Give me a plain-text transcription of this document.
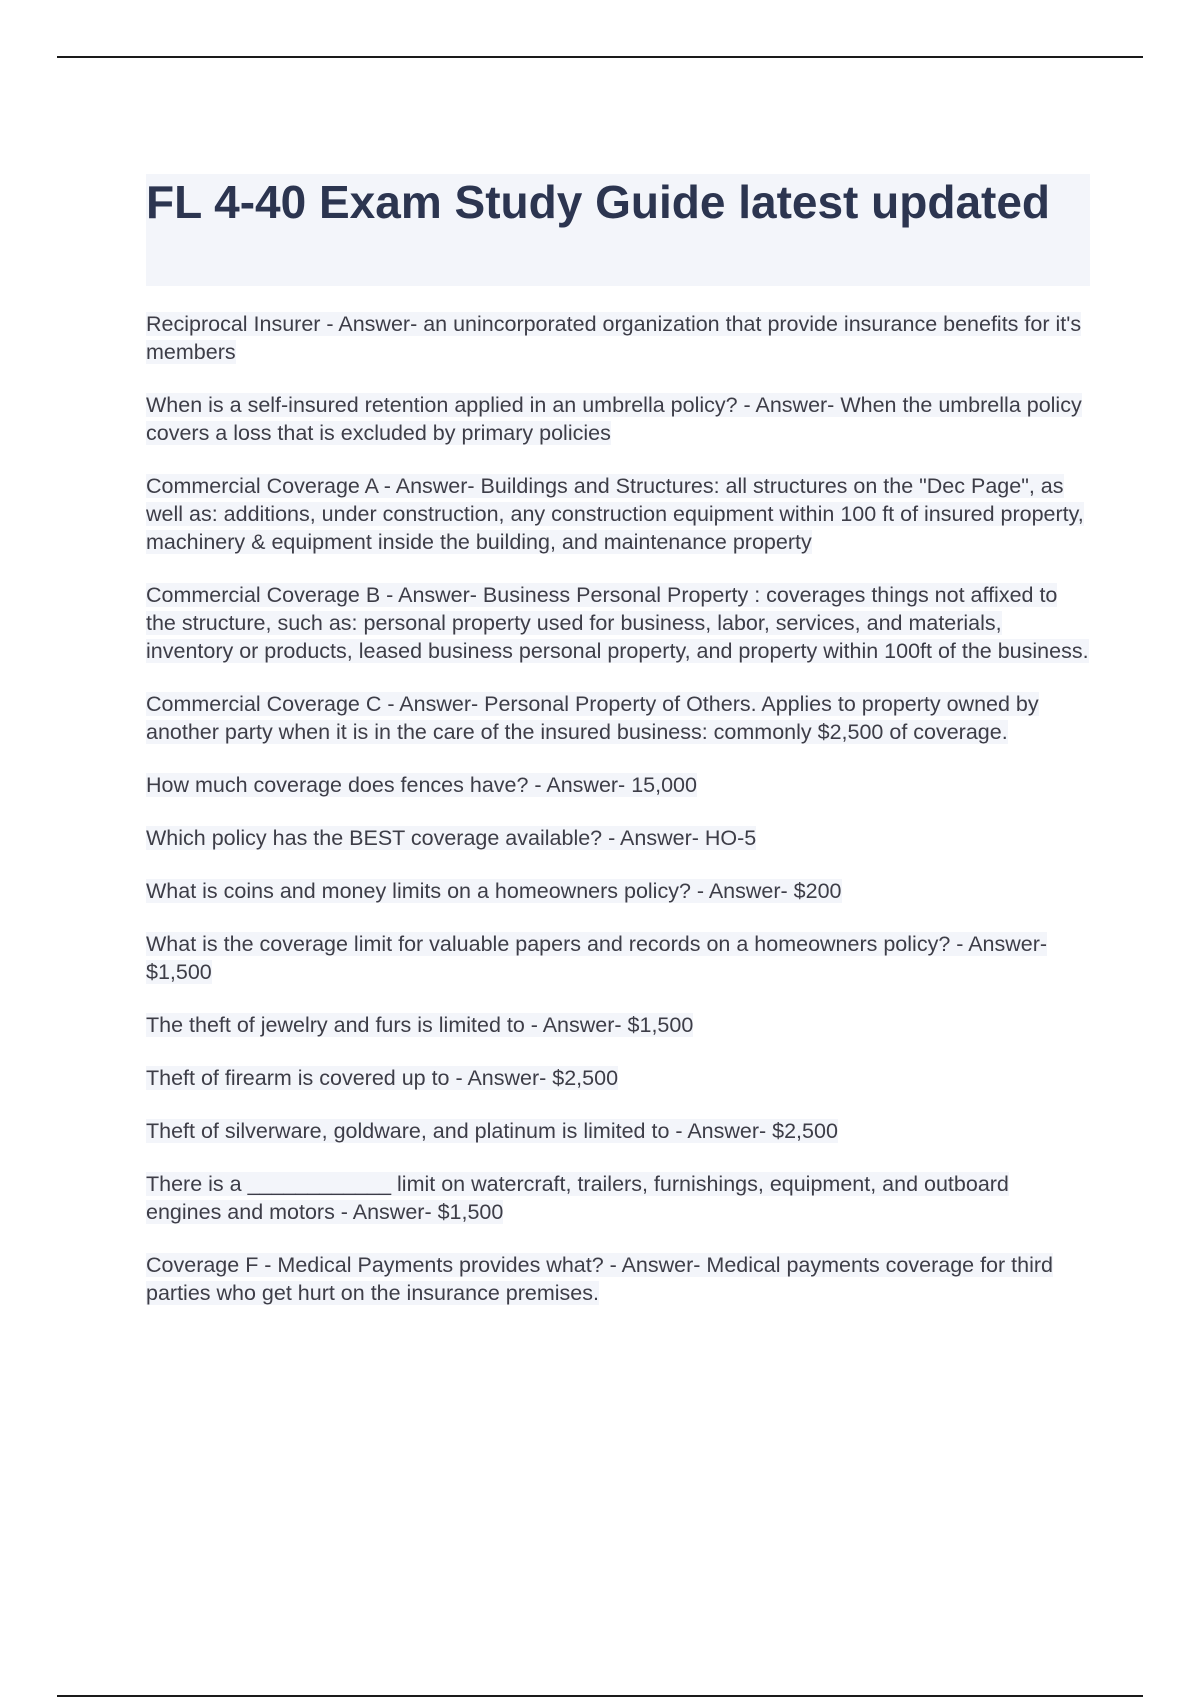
FL 4-40 Exam Study Guide latest updated
Reciprocal Insurer - Answer- an unincorporated organization that provide insurance benefits for it's members
When is a self-insured retention applied in an umbrella policy? - Answer- When the umbrella policy covers a loss that is excluded by primary policies
Commercial Coverage A - Answer- Buildings and Structures: all structures on the "Dec Page", as well as: additions, under construction, any construction equipment within 100 ft of insured property, machinery & equipment inside the building, and maintenance property
Commercial Coverage B - Answer- Business Personal Property : coverages things not affixed to the structure, such as: personal property used for business, labor, services, and materials, inventory or products, leased business personal property, and property within 100ft of the business.
Commercial Coverage C - Answer- Personal Property of Others. Applies to property owned by another party when it is in the care of the insured business: commonly $2,500 of coverage.
How much coverage does fences have? - Answer- 15,000
Which policy has the BEST coverage available? - Answer- HO-5
What is coins and money limits on a homeowners policy? - Answer- $200
What is the coverage limit for valuable papers and records on a homeowners policy? - Answer- $1,500
The theft of jewelry and furs is limited to - Answer- $1,500
Theft of firearm is covered up to - Answer- $2,500
Theft of silverware, goldware, and platinum is limited to - Answer- $2,500
There is a ____________ limit on watercraft, trailers, furnishings, equipment, and outboard engines and motors - Answer- $1,500
Coverage F - Medical Payments provides what? - Answer- Medical payments coverage for third parties who get hurt on the insurance premises.
